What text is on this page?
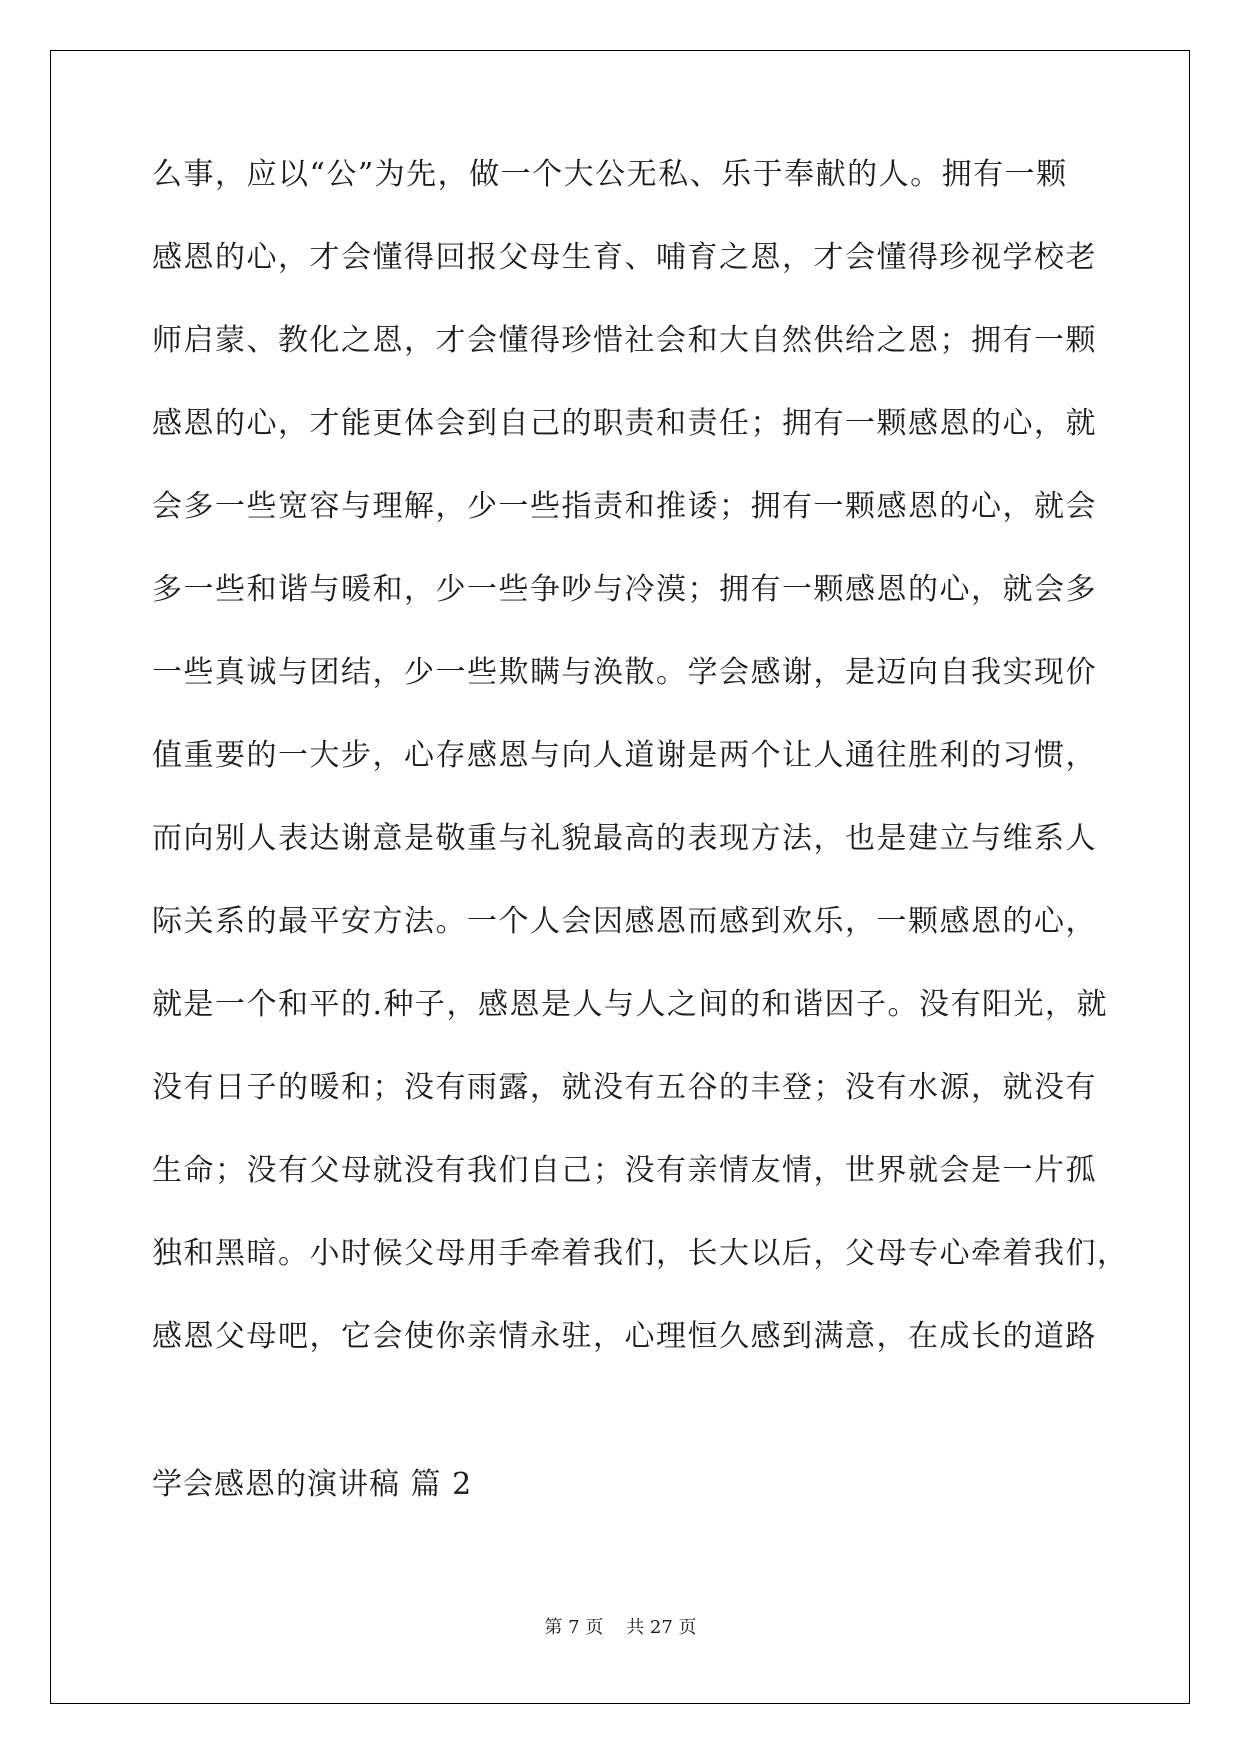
么事，应以“公”为先，做一个大公无私、乐于奉献的人。拥有一颗
感恩的心，才会懂得回报父母生育、哺育之恩，才会懂得珍视学校老
师启蒙、教化之恩，才会懂得珍惜社会和大自然供给之恩；拥有一颗
感恩的心，才能更体会到自己的职责和责任；拥有一颗感恩的心，就
会多一些宽容与理解，少一些指责和推诿；拥有一颗感恩的心，就会
多一些和谐与暖和，少一些争吵与冷漠；拥有一颗感恩的心，就会多
一些真诚与团结，少一些欺瞒与涣散。学会感谢，是迈向自我实现价
值重要的一大步，心存感恩与向人道谢是两个让人通往胜利的习惯，
而向别人表达谢意是敬重与礼貌最高的表现方法，也是建立与维系人
际关系的最平安方法。一个人会因感恩而感到欢乐，一颗感恩的心，
就是一个和平的.种子，感恩是人与人之间的和谐因子。没有阳光，就
没有日子的暖和；没有雨露，就没有五谷的丰登；没有水源，就没有
生命；没有父母就没有我们自己；没有亲情友情，世界就会是一片孤
独和黑暗。小时候父母用手牵着我们，长大以后，父母专心牵着我们，
感恩父母吧，它会使你亲情永驻，心理恒久感到满意，在成长的道路
学会感恩的演讲稿 篇 2
第 7 页    共 27 页
